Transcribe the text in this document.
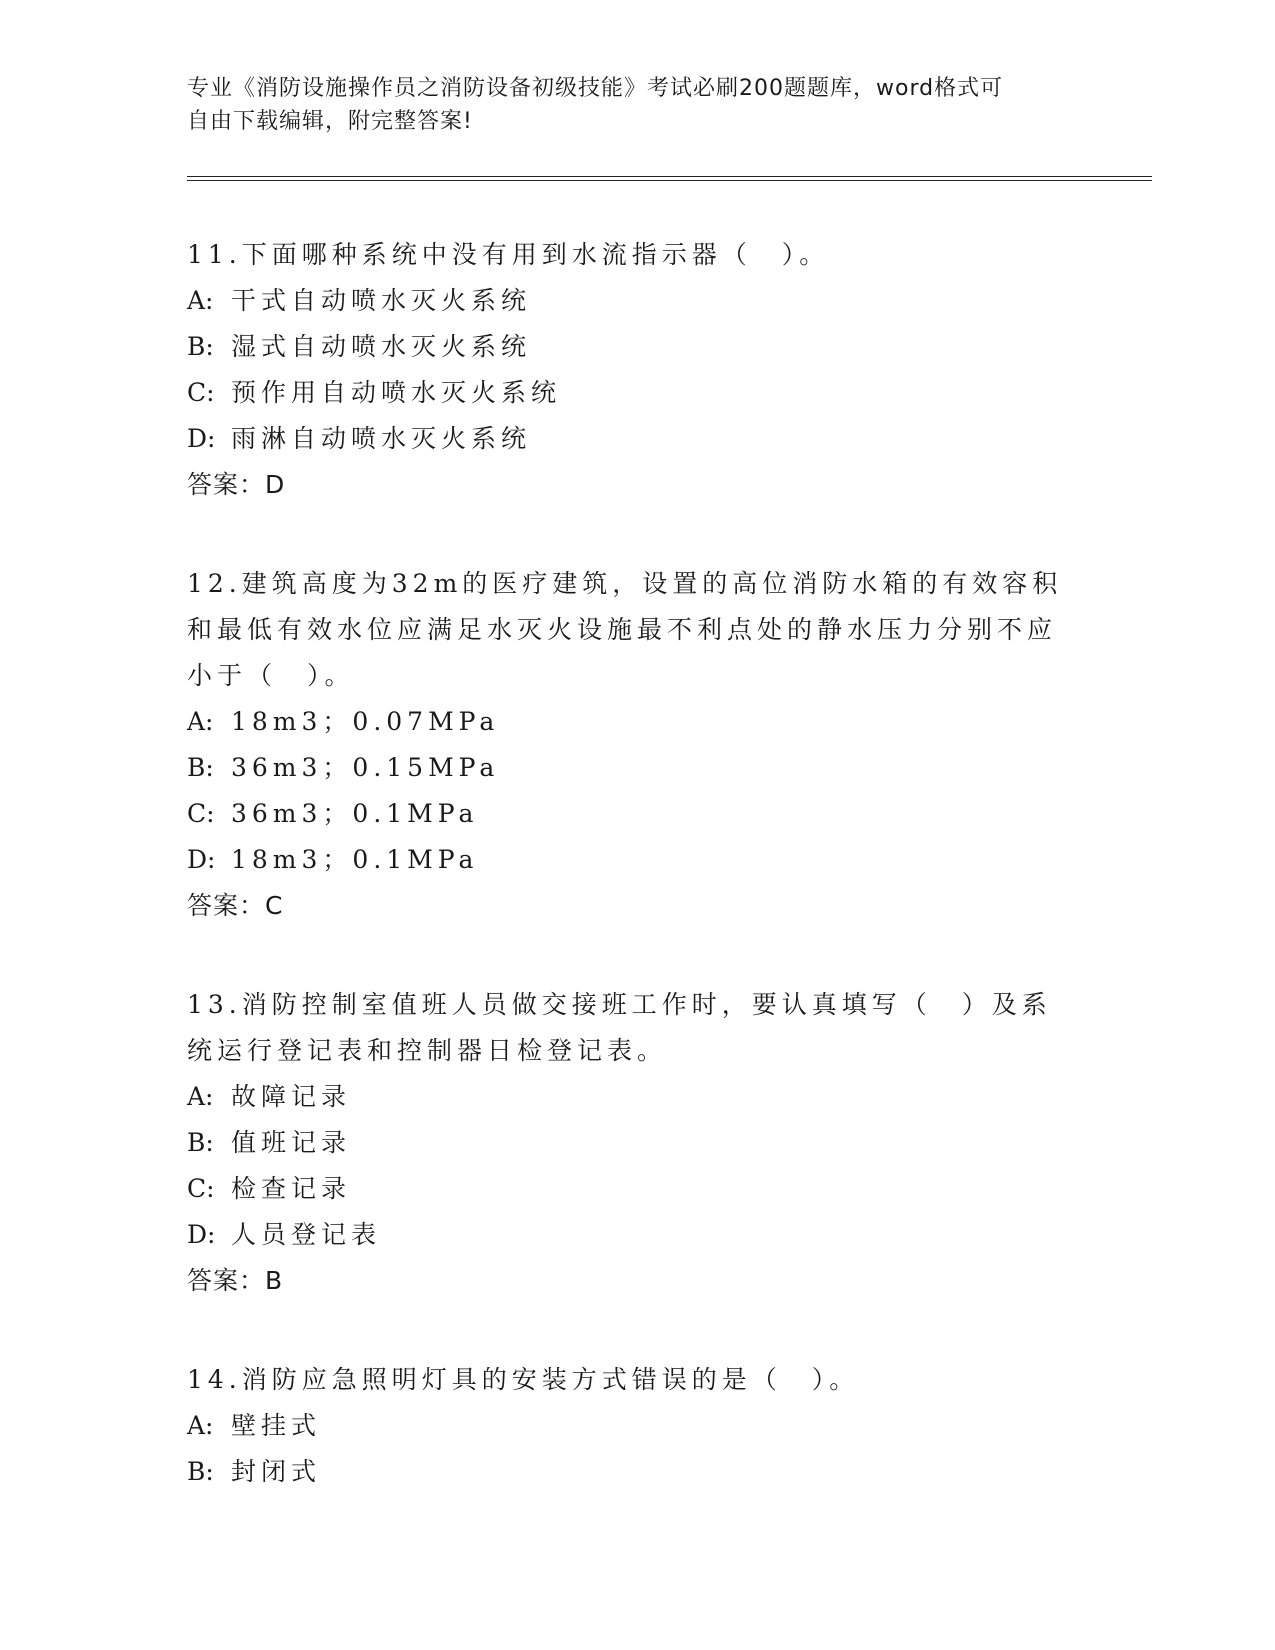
专业《消防设施操作员之消防设备初级技能》考试必刷200题题库，word格式可
自由下载编辑，附完整答案!

11.下面哪种系统中没有用到水流指示器（　）。

A: 干式自动喷水灭火系统

B: 湿式自动喷水灭火系统

C: 预作用自动喷水灭火系统

D: 雨淋自动喷水灭火系统

答案：D

12.建筑高度为32m的医疗建筑，设置的高位消防水箱的有效容积和最低有效水位应满足水灭火设施最不利点处的静水压力分别不应小于（　）。

A: 18m3；0.07MPa

B: 36m3；0.15MPa

C: 36m3；0.1MPa

D: 18m3；0.1MPa

答案：C

13.消防控制室值班人员做交接班工作时，要认真填写（　）及系统运行登记表和控制器日检登记表。

A: 故障记录

B: 值班记录

C: 检查记录

D: 人员登记表

答案：B

14.消防应急照明灯具的安装方式错误的是（　）。

A: 壁挂式

B: 封闭式
